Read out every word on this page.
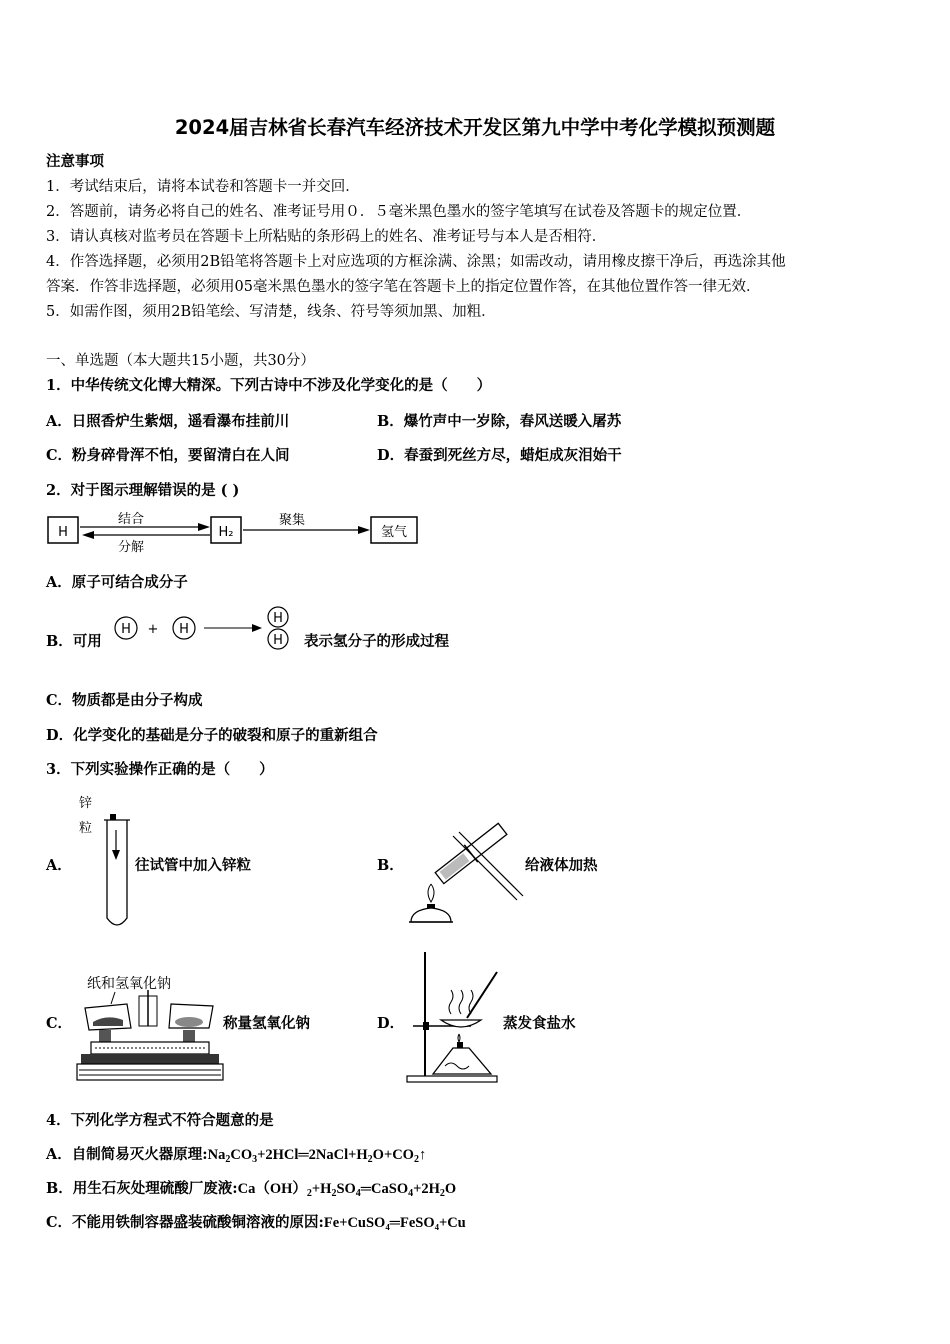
2024届吉林省长春汽车经济技术开发区第九中学中考化学模拟预测题
注意事项
1．考试结束后，请将本试卷和答题卡一并交回．
2．答题前，请务必将自己的姓名、准考证号用０．５毫米黑色墨水的签字笔填写在试卷及答题卡的规定位置．
3．请认真核对监考员在答题卡上所粘贴的条形码上的姓名、准考证号与本人是否相符．
4．作答选择题，必须用2B铅笔将答题卡上对应选项的方框涂满、涂黑；如需改动，请用橡皮擦干净后，再选涂其他
答案．作答非选择题，必须用05毫米黑色墨水的签字笔在答题卡上的指定位置作答，在其他位置作答一律无效．
5．如需作图，须用2B铅笔绘、写清楚，线条、符号等须加黑、加粗．
一、单选题（本大题共15小题，共30分）
1．中华传统文化博大精深。下列古诗中不涉及化学变化的是（　　）
A．日照香炉生紫烟，遥看瀑布挂前川	B．爆竹声中一岁除，春风送暖入屠苏
C．粉身碎骨浑不怕，要留清白在人间	D．春蚕到死丝方尽，蜡炬成灰泪始干
2．对于图示理解错误的是 ( )
H
结合
分解
H₂
聚集
氢气
A．原子可结合成分子
B．可用
H + H
H
H 表示氢分子的形成过程
C．物质都是由分子构成
D．化学变化的基础是分子的破裂和原子的重新组合
3．下列实验操作正确的是（　　）
A．
锌
粒
往试管中加入锌粒	B．	给液体加热
C．
纸和氢氧化钠
称量氢氧化钠	D．	蒸发食盐水
4．下列化学方程式不符合题意的是
A．自制简易灭火器原理$:Na_2CO_3+2HCl═2NaCl+H_2O+CO_2↑$
B．用生石灰处理硫酸厂废液$:Ca(OH)_2+H_2SO_4═CaSO_4+2H_2O$
C．不能用铁制容器盛装硫酸铜溶液的原因:Fe+CuSO₄═FeSO₄+Cu
